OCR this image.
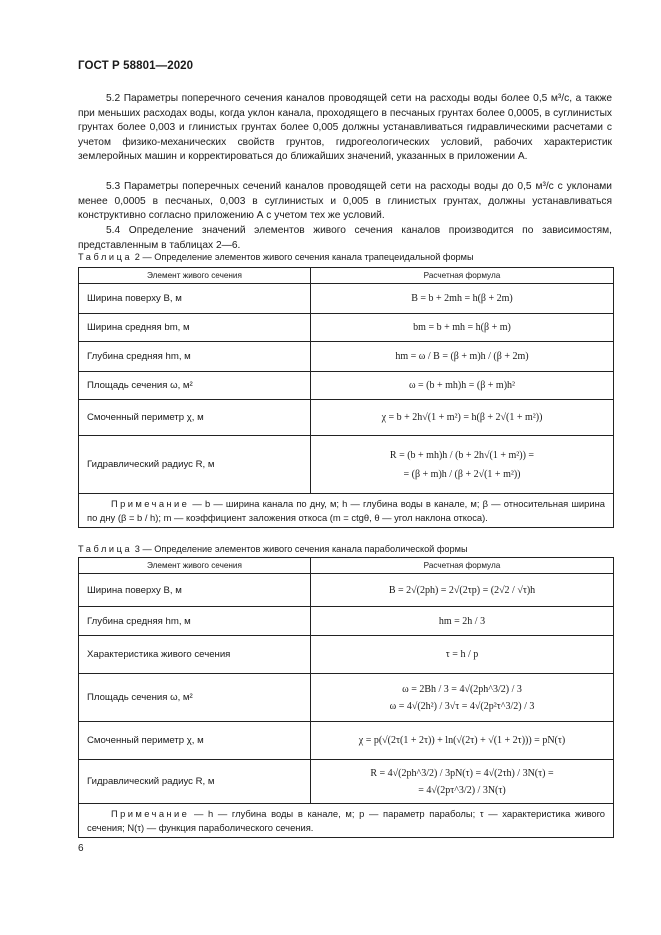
ГОСТ Р 58801—2020
5.2 Параметры поперечного сечения каналов проводящей сети на расходы воды более 0,5 м³/с, а также при меньших расходах воды, когда уклон канала, проходящего в песчаных грунтах более 0,0005, в суглинистых грунтах более 0,003 и глинистых грунтах более 0,005 должны устанавливаться гидравлическими расчетами с учетом физико-механических свойств грунтов, гидрогеологических условий, рабочих характеристик землеройных машин и корректироваться до ближайших значений, указанных в приложении А.
5.3 Параметры поперечных сечений каналов проводящей сети на расходы воды до 0,5 м³/с с уклонами менее 0,0005 в песчаных, 0,003 в суглинистых и 0,005 в глинистых грунтах, должны устанавливаться конструктивно согласно приложению А с учетом тех же условий.
5.4 Определение значений элементов живого сечения каналов производится по зависимостям, представленным в таблицах 2—6.
Таблица 2 — Определение элементов живого сечения канала трапецеидальной формы
Элемент живого сечения	Расчетная формула
Ширина поверху B, м	B = b + 2mh = h(β + 2m)
Ширина средняя bm, м	bm = b + mh = h(β + m)
Глубина средняя hm, м	hm = ω / B = (β + m)h / (β + 2m)
Площадь сечения ω, м²	ω = (b + mh)h = (β + m)h²
Смоченный периметр χ, м	χ = b + 2h√(1 + m²) = h(β + 2√(1 + m²))
Гидравлический радиус R, м	R = (b + mh)h / (b + 2h√(1 + m²)) =
= (β + m)h / (β + 2√(1 + m²))

Примечание — b — ширина канала по дну, м; h — глубина воды в канале, м; β — относительная ширина по дну (β = b / h); m — коэффициент заложения откоса (m = ctgθ, θ — угол наклона откоса).	
Таблица 3 — Определение элементов живого сечения канала параболической формы
Элемент живого сечения	Расчетная формула
Ширина поверху B, м	B = 2√(2ph) = 2√(2τp) = (2√2 / √τ)h
Глубина средняя hm, м	hm = 2h / 3
Характеристика живого сечения	τ = h / p
Площадь сечения ω, м²	ω = 2Bh / 3 = 4√(2ph^3/2) / 3
ω = 4√(2h²) / 3√τ = 4√(2p²τ^3/2) / 3

Смоченный периметр χ, м	χ = p(√(2τ(1 + 2τ)) + ln(√(2τ) + √(1 + 2τ))) = pN(τ)
Гидравлический радиус R, м	R = 4√(2ph^3/2) / 3pN(τ) = 4√(2τh) / 3N(τ) =
= 4√(2pτ^3/2) / 3N(τ)

Примечание — h — глубина воды в канале, м; p — параметр параболы; τ — характеристика живого сечения; N(τ) — функция параболического сечения.	
6
